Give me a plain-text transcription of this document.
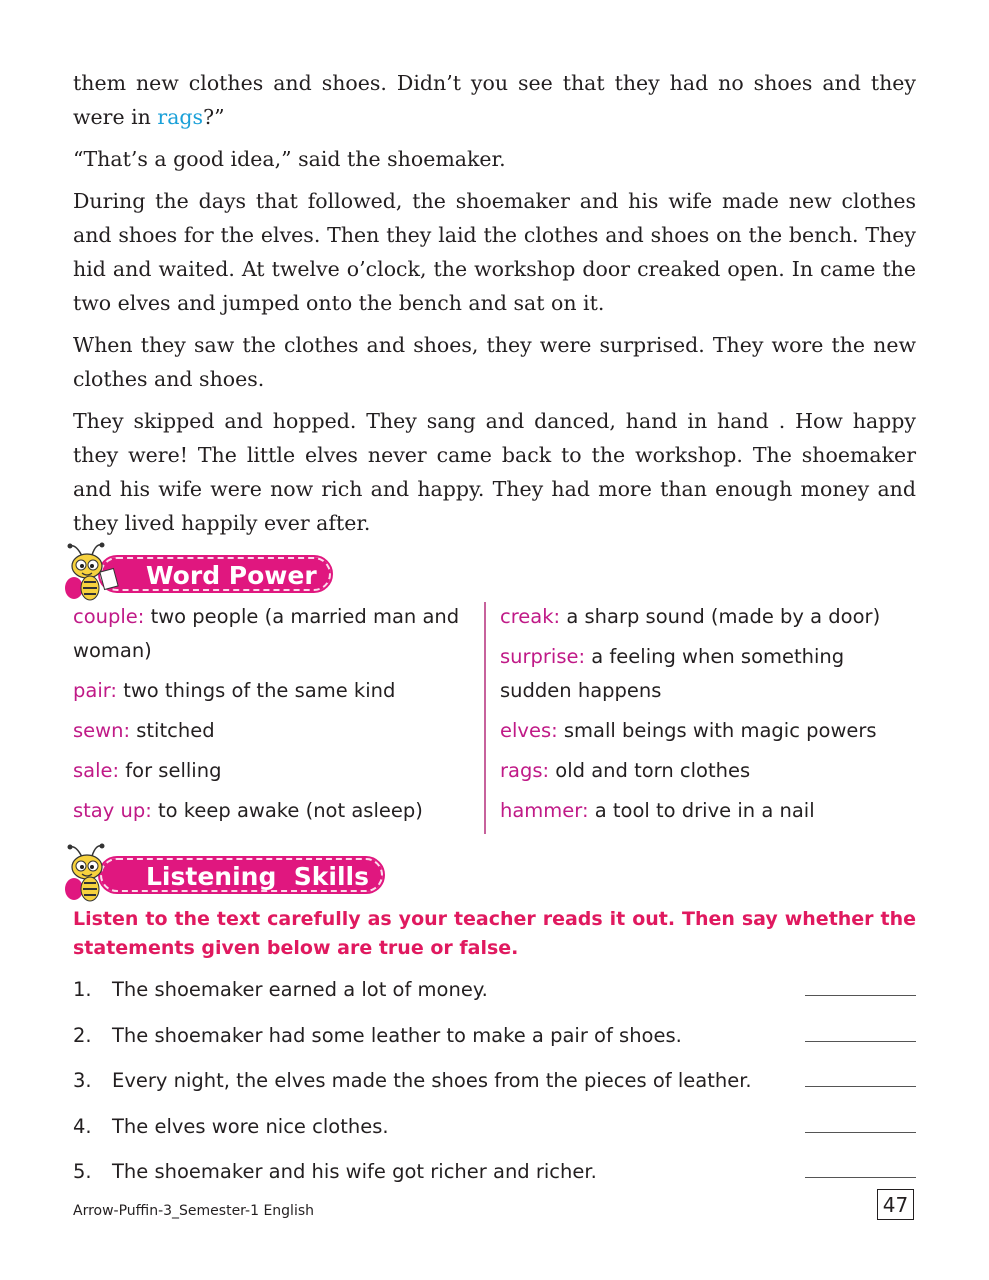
them new clothes and shoes. Didn’t you see that they had no shoes and they were in rags?”

“That’s a good idea,” said the shoemaker.

During the days that followed, the shoemaker and his wife made new clothes and shoes for the elves. Then they laid the clothes and shoes on the bench. They hid and waited. At twelve o’clock, the workshop door creaked open. In came the two elves and jumped onto the bench and sat on it.

When they saw the clothes and shoes, they were surprised. They wore the new clothes and shoes.

They skipped and hopped. They sang and danced, hand in hand . How happy they were! The little elves never came back to the workshop. The shoemaker and his wife were now rich and happy. They had more than enough money and they lived happily ever after.

Word Power
couple: two people (a married man and woman)
pair: two things of the same kind
sewn: stitched
sale: for selling
stay up: to keep awake (not asleep)
creak: a sharp sound (made by a door)
surprise: a feeling when something sudden happens
elves: small beings with magic powers
rags: old and torn clothes
hammer: a tool to drive in a nail
Listening  Skills
Listen to the text carefully as your teacher reads it out. Then say whether the statements given below are true or false.
1. The shoemaker earned a lot of money.
2. The shoemaker had some leather to make a pair of shoes.
3. Every night, the elves made the shoes from the pieces of leather.
4. The elves wore nice clothes.
5. The shoemaker and his wife got richer and richer.
Arrow-Puffin-3_Semester-1 English	47
